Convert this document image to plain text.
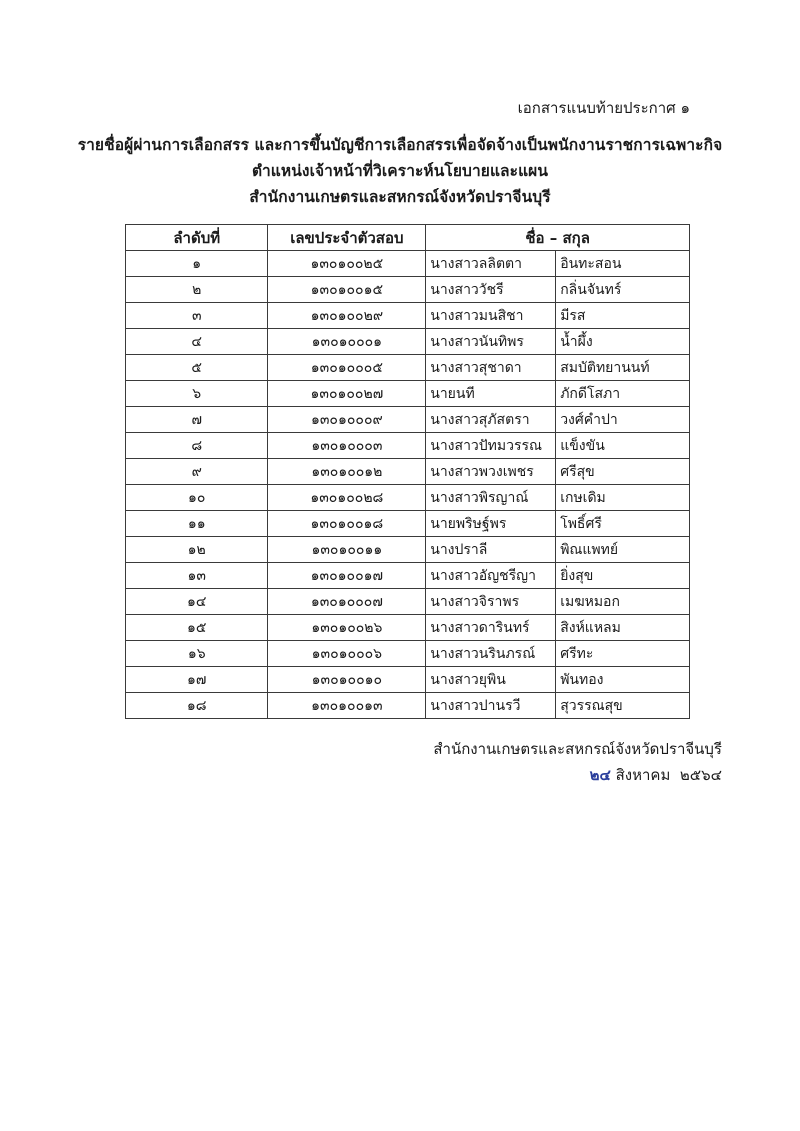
เอกสารแนบท้ายประกาศ ๑
รายชื่อผู้ผ่านการเลือกสรร และการขึ้นบัญชีการเลือกสรรเพื่อจัดจ้างเป็นพนักงานราชการเฉพาะกิจ
ตำแหน่งเจ้าหน้าที่วิเคราะห์นโยบายและแผน
สำนักงานเกษตรและสหกรณ์จังหวัดปราจีนบุรี
ลำดับที่	เลขประจำตัวสอบ	ชื่อ – สกุล	
๑	๑๓๐๑๐๐๒๕	นางสาวลลิตตา	อินทะสอน
๒	๑๓๐๑๐๐๑๕	นางสาววัชรี	กลิ่นจันทร์
๓	๑๓๐๑๐๐๒๙	นางสาวมนสิชา	มีรส
๔	๑๓๐๑๐๐๐๑	นางสาวนันทิพร	น้ำผึ้ง
๕	๑๓๐๑๐๐๐๕	นางสาวสุชาดา	สมบัติทยานนท์
๖	๑๓๐๑๐๐๒๗	นายนที	ภักดีโสภา
๗	๑๓๐๑๐๐๐๙	นางสาวสุภัสตรา	วงศ์คำปา
๘	๑๓๐๑๐๐๐๓	นางสาวปัทมวรรณ	แข็งขัน
๙	๑๓๐๑๐๐๑๒	นางสาวพวงเพชร	ศรีสุข
๑๐	๑๓๐๑๐๐๒๘	นางสาวพิรญาณ์	เกษเดิม
๑๑	๑๓๐๑๐๐๑๘	นายพริษฐ์พร	โพธิ์ศรี
๑๒	๑๓๐๑๐๐๑๑	นางปราลี	พิณแพทย์
๑๓	๑๓๐๑๐๐๑๗	นางสาวอัญชรีญา	ยิ่งสุข
๑๔	๑๓๐๑๐๐๐๗	นางสาวจิราพร	เมฆหมอก
๑๕	๑๓๐๑๐๐๒๖	นางสาวดารินทร์	สิงห์แหลม
๑๖	๑๓๐๑๐๐๐๖	นางสาวนรินภรณ์	ศรีทะ
๑๗	๑๓๐๑๐๐๑๐	นางสาวยุพิน	พันทอง
๑๘	๑๓๐๑๐๐๑๓	นางสาวปานรวี	สุวรรณสุข
สำนักงานเกษตรและสหกรณ์จังหวัดปราจีนบุรี
๒๔ สิงหาคม  ๒๕๖๔
